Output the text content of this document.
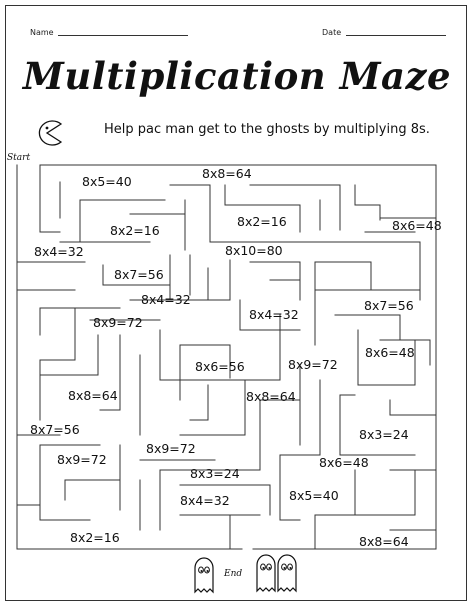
Name	Date
Multiplication Maze
Help pac man get to the ghosts by multiplying 8s.
Start
End
8x5=40
8x8=64
8x2=16	8x6=48
8x2=16
8x4=32	8x10=80
8x7=56
8x4=32
8x4=32
8x7=56
8x9=72
8x6=48
8x6=56	8x9=72
8x8=64	8x8=64
8x7=56	8x3=24
8x9=72
8x9=72	8x6=48
8x3=24
8x5=40
8x4=32
8x2=16	8x8=64
